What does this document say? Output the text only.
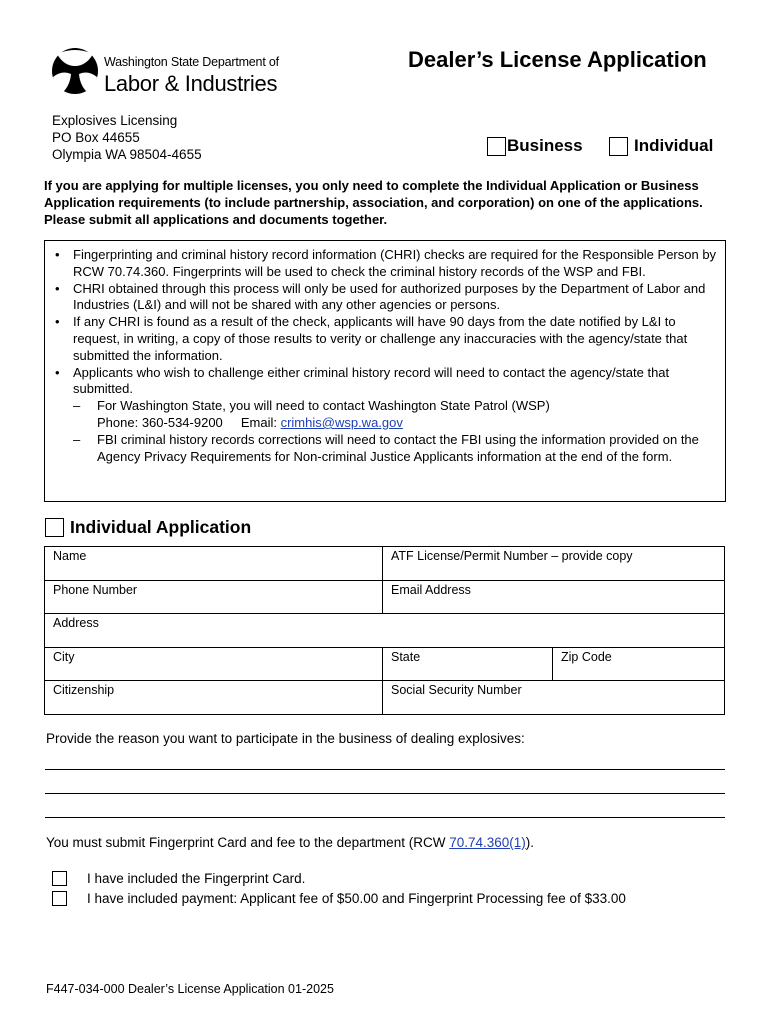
Washington State Department of
Labor & Industries
Dealer’s License Application
Explosives Licensing
PO Box 44655
Olympia WA 98504-4655	Business	Individual
If you are applying for multiple licenses, you only need to complete the Individual Application or Business Application requirements (to include partnership, association, and corporation) on one of the applications. Please submit all applications and documents together.
• Fingerprinting and criminal history record information (CHRI) checks are required for the Responsible Person by RCW 70.74.360. Fingerprints will be used to check the criminal history records of the WSP and FBI.
• CHRI obtained through this process will only be used for authorized purposes by the Department of Labor and Industries (L&I) and will not be shared with any other agencies or persons.
• If any CHRI is found as a result of the check, applicants will have 90 days from the date notified by L&I to request, in writing, a copy of those results to verity or challenge any inaccuracies with the agency/state that submitted the information.
• Applicants who wish to challenge either criminal history record will need to contact the agency/state that submitted.
– For Washington State, you will need to contact Washington State Patrol (WSP)
Phone: 360-534-9200 Email: crimhis@wsp.wa.gov
– FBI criminal history records corrections will need to contact the FBI using the information provided on the Agency Privacy Requirements for Non-criminal Justice Applicants information at the end of the form.
Individual Application
Name	ATF License/Permit Number – provide copy	
Phone Number	Email Address	
Address		
City	State	Zip Code
Citizenship	Social Security Number	
Provide the reason you want to participate in the business of dealing explosives:
You must submit Fingerprint Card and fee to the department (RCW 70.74.360(1)).
I have included the Fingerprint Card.
I have included payment: Applicant fee of $50.00 and Fingerprint Processing fee of $33.00
F447-034-000 Dealer’s License Application 01-2025
